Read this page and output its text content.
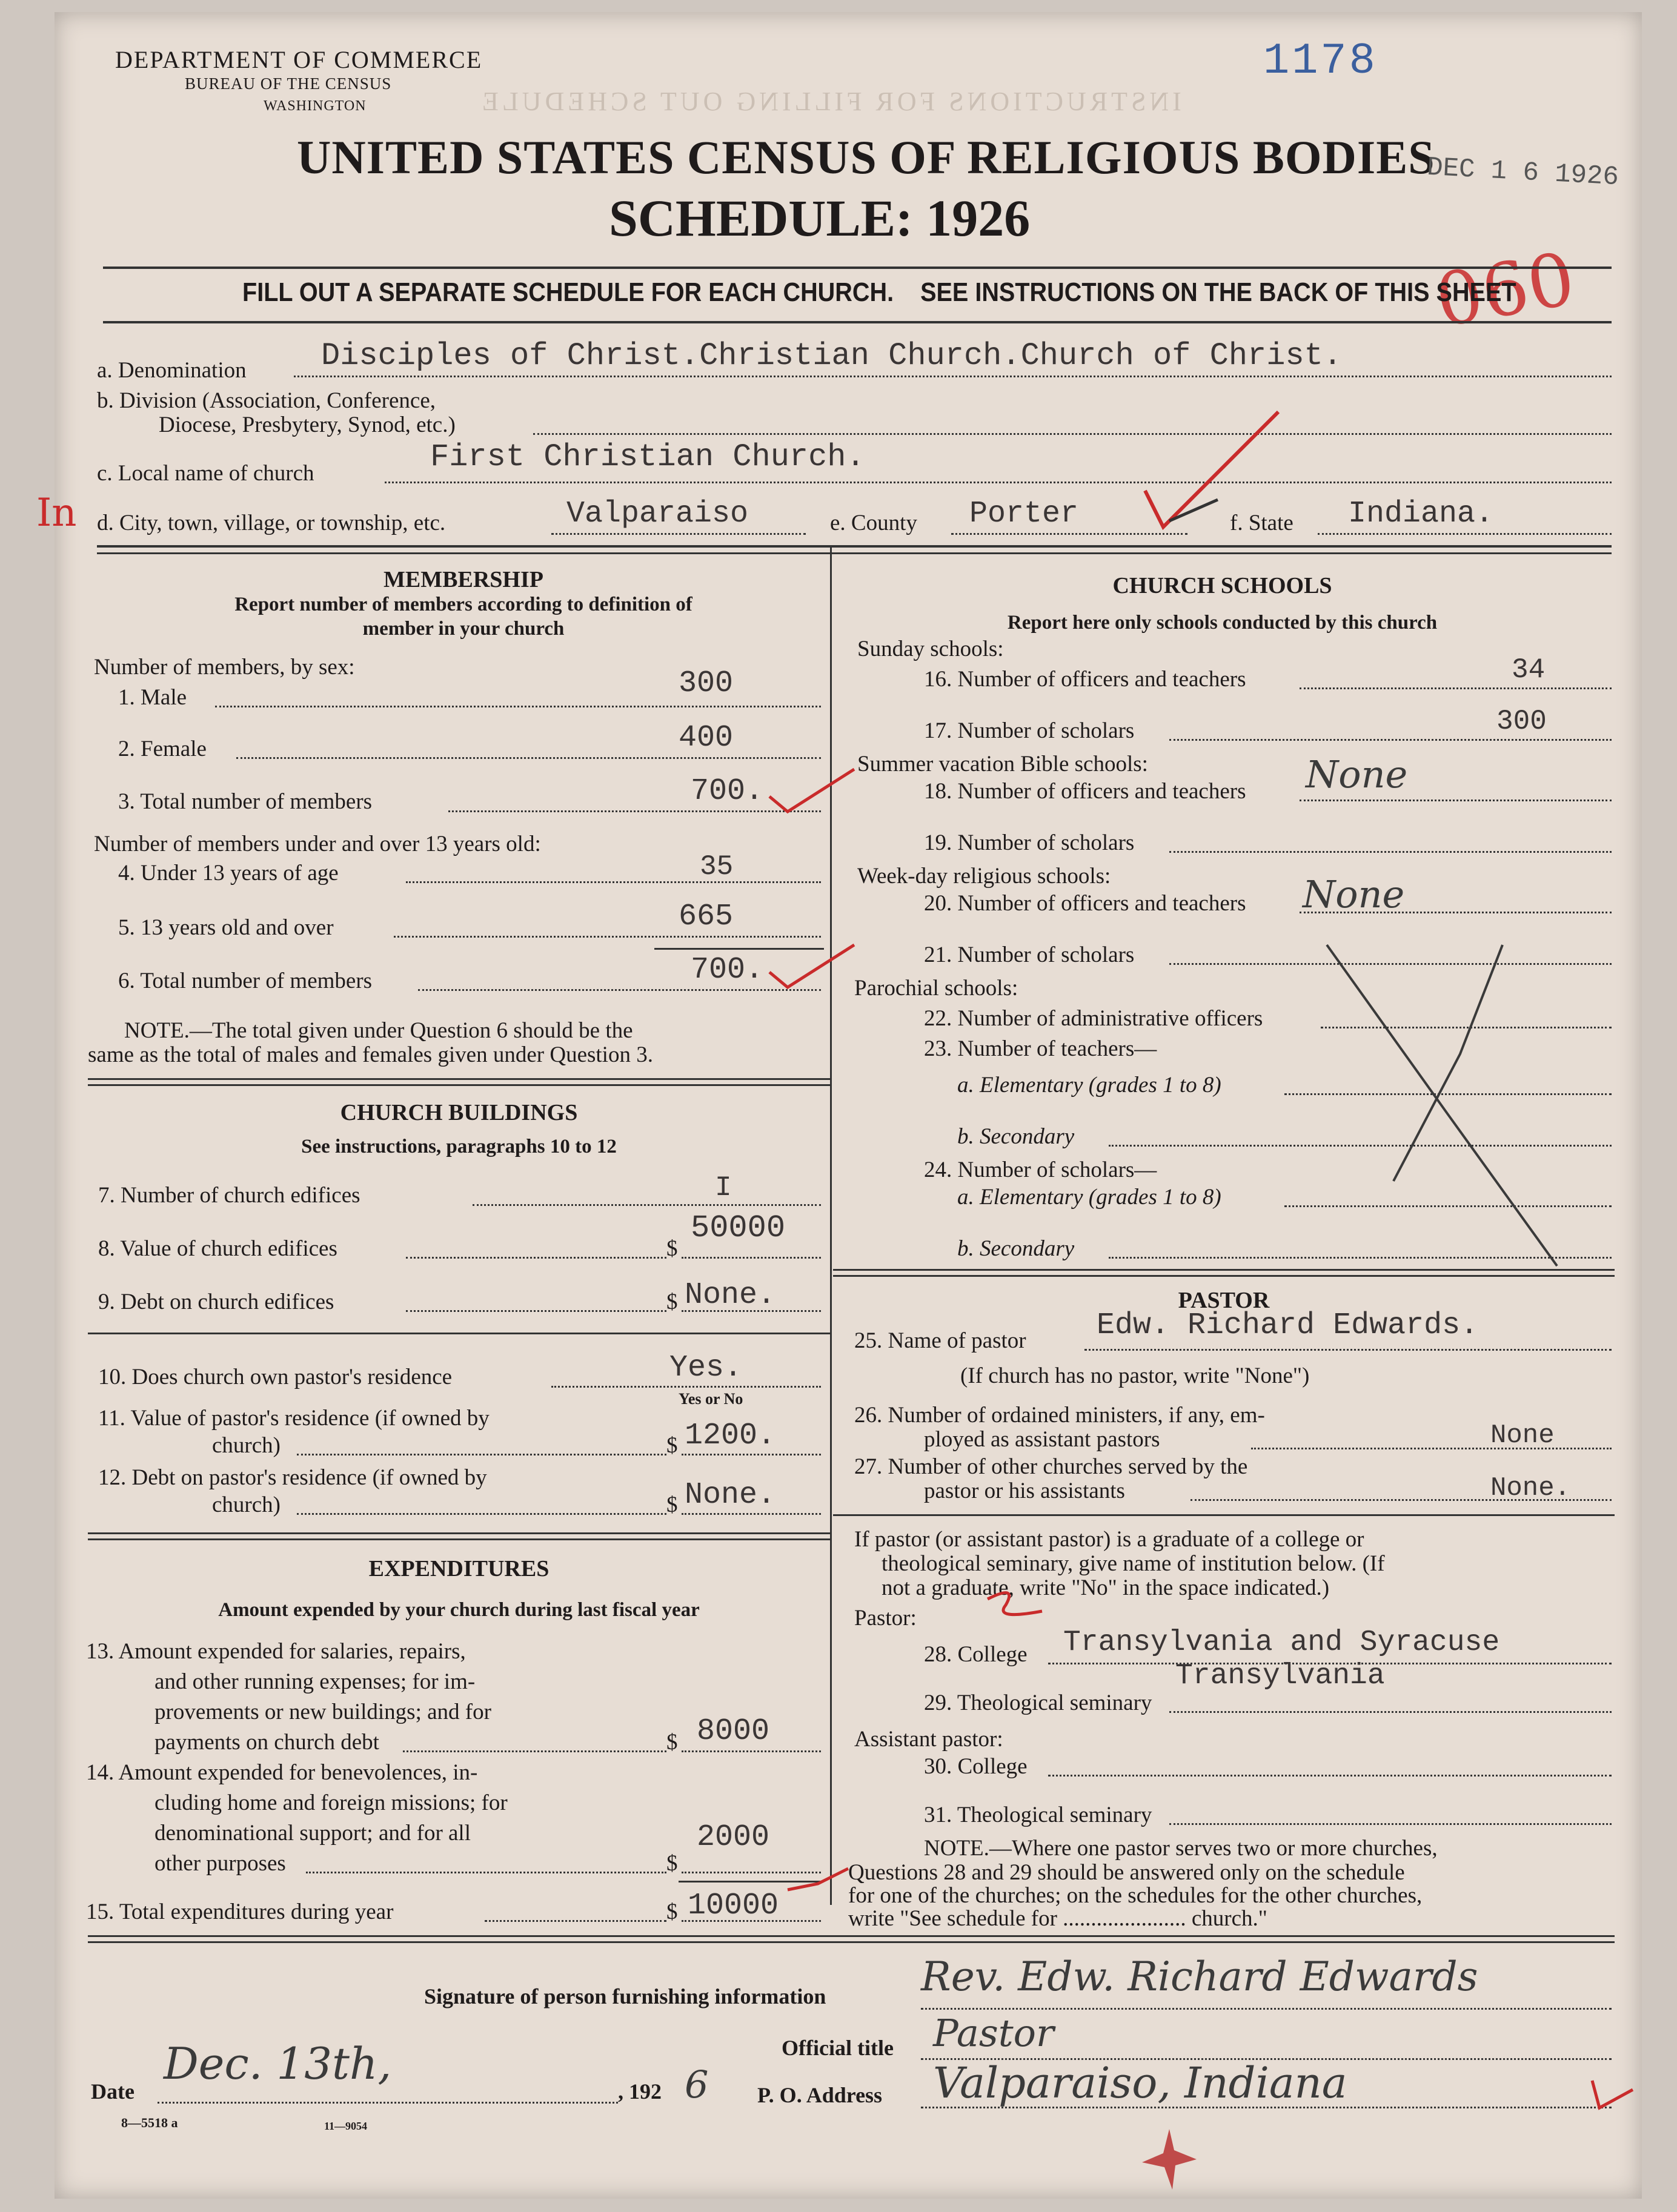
INSTRUCTIONS FOR FILLING OUT SCHEDULE
DEPARTMENT OF COMMERCE
BUREAU OF THE CENSUS
WASHINGTON
1178
UNITED STATES CENSUS OF RELIGIOUS BODIES
SCHEDULE: 1926
DEC 1 6 1926
060
FILL OUT A SEPARATE SCHEDULE FOR EACH CHURCH.    SEE INSTRUCTIONS ON THE BACK OF THIS SHEET
a. Denomination Disciples of Christ.Christian Church.Church of Christ.
b. Division (Association, Conference,
Diocese, Presbytery, Synod, etc.)
c. Local name of church	First Christian Church.
In d. City, town, village, or township, etc.	Valparaiso	e. County Porter	f. State Indiana.
MEMBERSHIP
Report number of members according to definition of
member in your church
Number of members, by sex:
1. Male	300
2. Female	400
3. Total number of members	700.
Number of members under and over 13 years old:
4. Under 13 years of age	35
5. 13 years old and over	665
6. Total number of members	700.
NOTE.—The total given under Question 6 should be the
same as the total of males and females given under Question 3.
CHURCH BUILDINGS
See instructions, paragraphs 10 to 12
7. Number of church edifices	I
8. Value of church edifices	$
50000
9. Debt on church edifices	$ None.
10. Does church own pastor's residence	Yes.
Yes or No
11. Value of pastor's residence (if owned by
church)	$ 1200.
12. Debt on pastor's residence (if owned by
church)	$ None.
EXPENDITURES
Amount expended by your church during last fiscal year
13. Amount expended for salaries, repairs,
and other running expenses; for im-
provements or new buildings; and for
payments on church debt	$ 8000
14. Amount expended for benevolences, in-
cluding home and foreign missions; for
denominational support; and for all
other purposes	$
2000
15. Total expenditures during year	$ 10000
CHURCH SCHOOLS
Report here only schools conducted by this church
Sunday schools:
16. Number of officers and teachers	34
17. Number of scholars	300
Summer vacation Bible schools:
18. Number of officers and teachers None
19. Number of scholars
Week-day religious schools:
20. Number of officers and teachers None
21. Number of scholars
Parochial schools:
22. Number of administrative officers
23. Number of teachers—
a. Elementary (grades 1 to 8)
b. Secondary
24. Number of scholars—
a. Elementary (grades 1 to 8)
b. Secondary
PASTOR
25. Name of pastor Edw. Richard Edwards.
(If church has no pastor, write "None")
26. Number of ordained ministers, if any, em-
ployed as assistant pastors	None
27. Number of other churches served by the
pastor or his assistants	None.
If pastor (or assistant pastor) is a graduate of a college or
theological seminary, give name of institution below. (If
not a graduate, write "No" in the space indicated.)
Pastor:
28. College Transylvania and Syracuse
29. Theological seminary
Transylvania
Assistant pastor:
30. College
31. Theological seminary
NOTE.—Where one pastor serves two or more churches,
Questions 28 and 29 should be answered only on the schedule
for one of the churches; on the schedules for the other churches,
write "See schedule for ...................... church."
Signature of person furnishing information Rev. Edw. Richard Edwards
Official title Pastor
Date
Dec. 13th,
, 192 6 P. O. Address Valparaiso, Indiana
8—5518 a	11—9054
